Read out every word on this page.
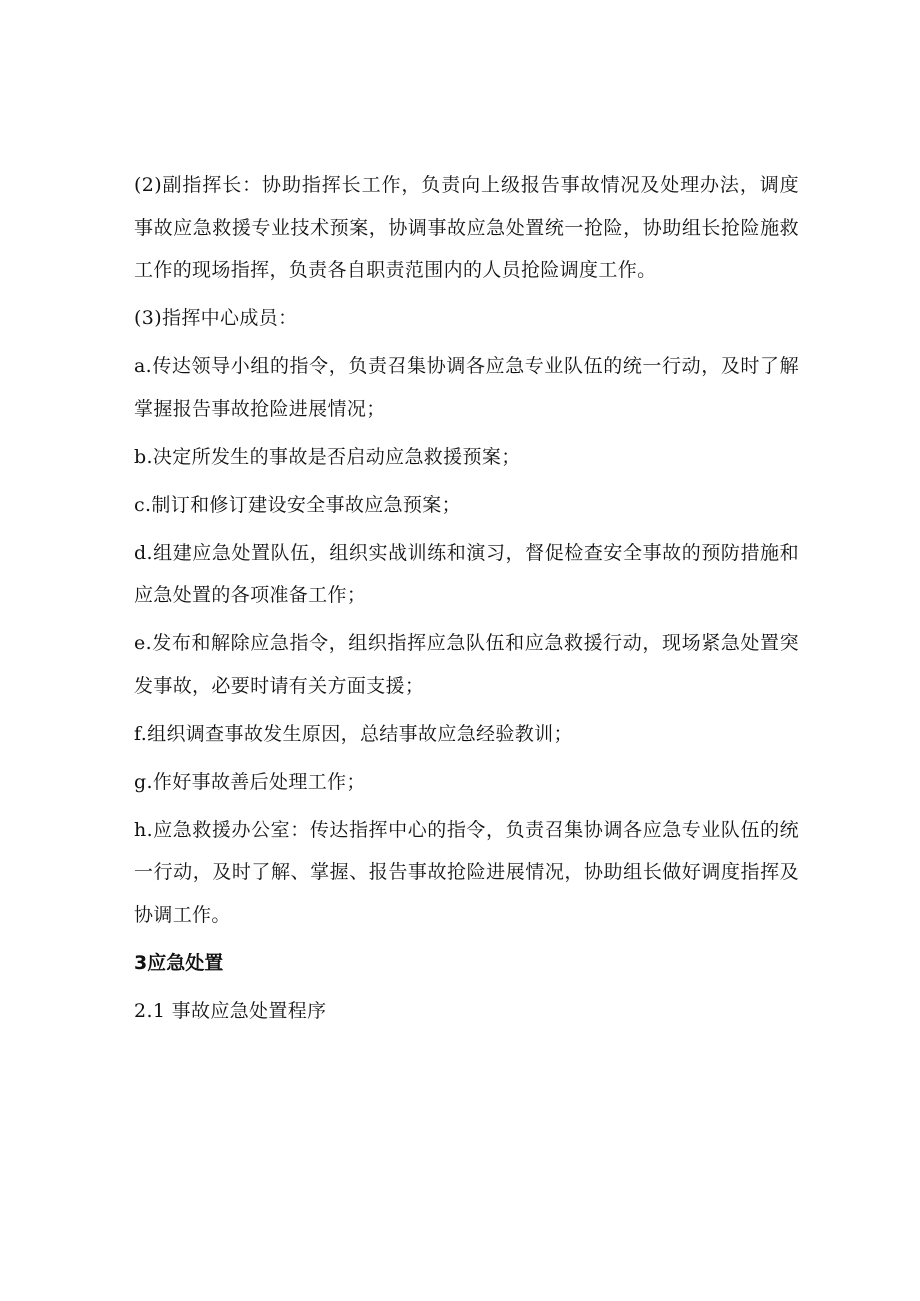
(2)副指挥长：协助指挥长工作，负责向上级报告事故情况及处理办法，调度事故应急救援专业技术预案，协调事故应急处置统一抢险，协助组长抢险施救工作的现场指挥，负责各自职责范围内的人员抢险调度工作。

(3)指挥中心成员：

a.传达领导小组的指令，负责召集协调各应急专业队伍的统一行动，及时了解掌握报告事故抢险进展情况；

b.决定所发生的事故是否启动应急救援预案；

c.制订和修订建设安全事故应急预案；

d.组建应急处置队伍，组织实战训练和演习，督促检查安全事故的预防措施和应急处置的各项准备工作；

e.发布和解除应急指令，组织指挥应急队伍和应急救援行动，现场紧急处置突发事故，必要时请有关方面支援；

f.组织调查事故发生原因，总结事故应急经验教训；

g.作好事故善后处理工作；

h.应急救援办公室：传达指挥中心的指令，负责召集协调各应急专业队伍的统一行动，及时了解、掌握、报告事故抢险进展情况，协助组长做好调度指挥及协调工作。

3应急处置

2.1 事故应急处置程序
